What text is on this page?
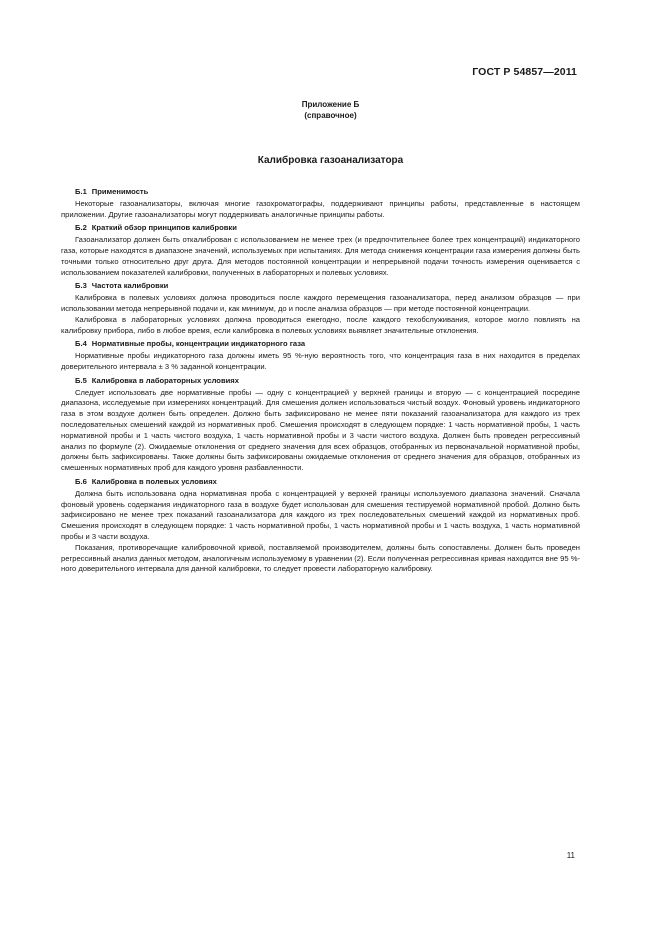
ГОСТ Р 54857—2011
Приложение Б
(справочное)
Калибровка газоанализатора
Б.1 Применимость

Некоторые газоанализаторы, включая многие газохроматографы, поддерживают принципы работы, представленные в настоящем приложении. Другие газоанализаторы могут поддерживать аналогичные принципы работы.

Б.2 Краткий обзор принципов калибровки

Газоанализатор должен быть откалиброван с использованием не менее трех (и предпочтительнее более трех концентраций) индикаторного газа, которые находятся в диапазоне значений, используемых при испытаниях. Для метода снижения концентрации газа измерения должны быть точными только относительно друг друга. Для методов постоянной концентрации и непрерывной подачи точность измерения оценивается с использованием показателей калибровки, полученных в лабораторных и полевых условиях.

Б.3 Частота калибровки

Калибровка в полевых условиях должна проводиться после каждого перемещения газоанализатора, перед анализом образцов — при использовании метода непрерывной подачи и, как минимум, до и после анализа образцов — при методе постоянной концентрации.

Калибровка в лабораторных условиях должна проводиться ежегодно, после каждого техобслуживания, которое могло повлиять на калибровку прибора, либо в любое время, если калибровка в полевых условиях выявляет значительные отклонения.

Б.4 Нормативные пробы, концентрации индикаторного газа

Нормативные пробы индикаторного газа должны иметь 95 %-ную вероятность того, что концентрация газа в них находится в пределах доверительного интервала ± 3 % заданной концентрации.

Б.5 Калибровка в лабораторных условиях

Следует использовать две нормативные пробы — одну с концентрацией у верхней границы и вторую — с концентрацией посредине диапазона, исследуемые при измерениях концентраций. Для смешения должен использоваться чистый воздух. Фоновый уровень индикаторного газа в этом воздухе должен быть определен. Должно быть зафиксировано не менее пяти показаний газоанализатора для каждого из трех последовательных смешений каждой из нормативных проб. Смешения происходят в следующем порядке: 1 часть нормативной пробы, 1 часть нормативной пробы и 1 часть чистого воздуха, 1 часть нормативной пробы и 3 части чистого воздуха. Должен быть проведен регрессивный анализ по формуле (2). Ожидаемые отклонения от среднего значения для всех образцов, отобранных из первоначальной нормативной пробы, должны быть зафиксированы. Также должны быть зафиксированы ожидаемые отклонения от среднего значения для образцов, отобранных из смешенных нормативных проб для каждого уровня разбавленности.

Б.6 Калибровка в полевых условиях

Должна быть использована одна нормативная проба с концентрацией у верхней границы используемого диапазона значений. Сначала фоновый уровень содержания индикаторного газа в воздухе будет использован для смешения тестируемой нормативной пробой. Должно быть зафиксировано не менее трех показаний газоанализатора для каждого из трех последовательных смешений каждой из нормативных проб. Смешения происходят в следующем порядке: 1 часть нормативной пробы, 1 часть нормативной пробы и 1 часть воздуха, 1 часть нормативной пробы и 3 части воздуха.

Показания, противоречащие калибровочной кривой, поставляемой производителем, должны быть сопоставлены. Должен быть проведен регрессивный анализ данных методом, аналогичным используемому в уравнении (2). Если полученная регрессивная кривая находится вне 95 %-ного доверительного интервала для данной калибровки, то следует провести лабораторную калибровку.

11
